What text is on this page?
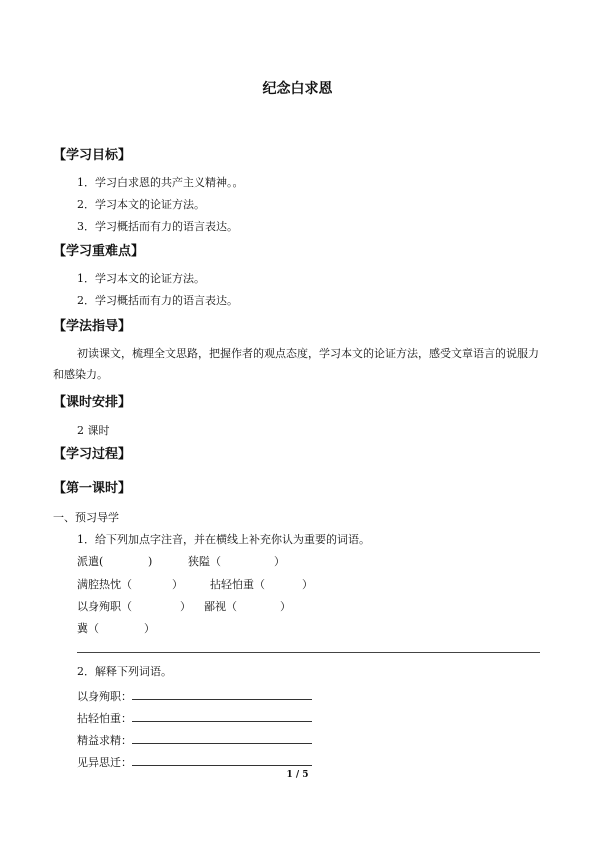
纪念白求恩
【学习目标】
1．学习白求恩的共产主义精神。。
2．学习本文的论证方法。
3．学习概括而有力的语言表达。
【学习重难点】
1．学习本文的论证方法。
2．学习概括而有力的语言表达。
【学法指导】
初读课文，梳理全文思路，把握作者的观点态度，学习本文的论证方法，感受文章语言的说服力和感染力。
【课时安排】
2 课时
【学习过程】
【第一课时】
一、预习导学
1．给下列加点字注音，并在横线上补充你认为重要的词语。
派遣(	)	狭隘（	）
满腔热忱（	） 拈轻怕重（	）
以身殉职（	） 鄙视（	）
冀（	）
2．解释下列词语。
以身殉职：
拈轻怕重：
精益求精：
见异思迁：
1 / 5
